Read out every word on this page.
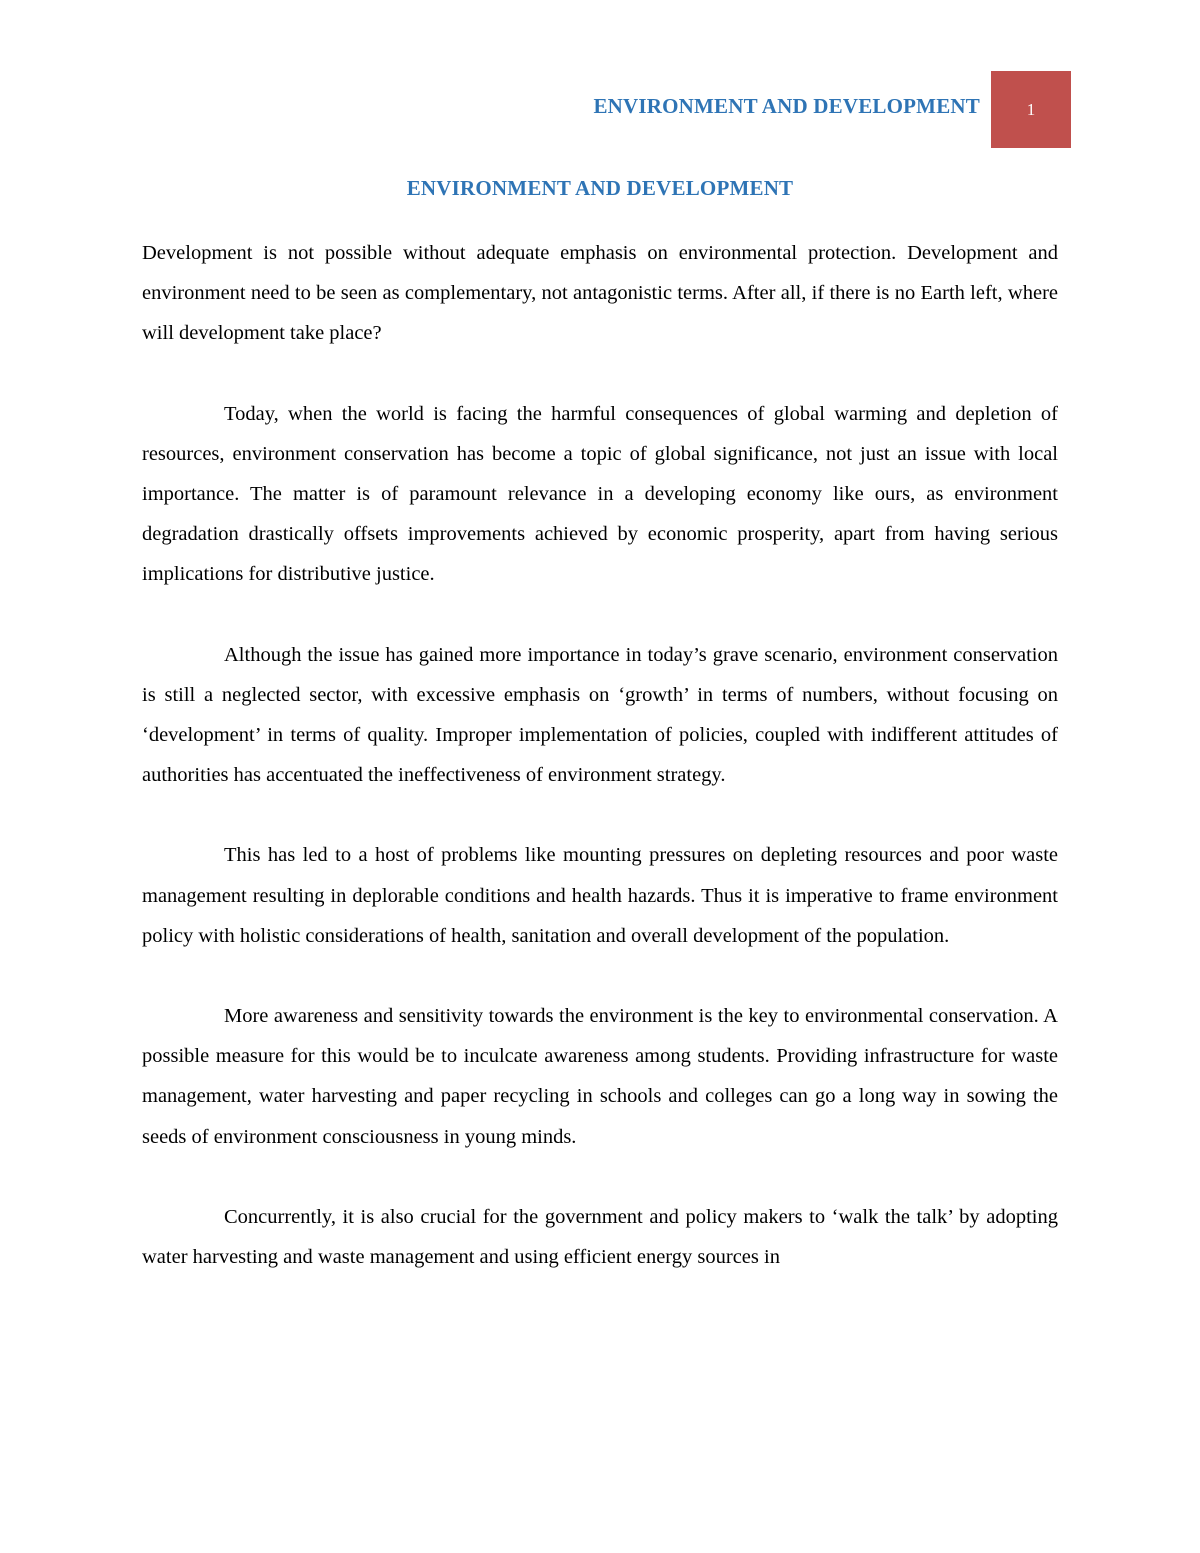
ENVIRONMENT AND DEVELOPMENT	1
ENVIRONMENT AND DEVELOPMENT

Development is not possible without adequate emphasis on environmental protection. Development and environment need to be seen as complementary, not antagonistic terms. After all, if there is no Earth left, where will development take place?

Today, when the world is facing the harmful consequences of global warming and depletion of resources, environment conservation has become a topic of global significance, not just an issue with local importance. The matter is of paramount relevance in a developing economy like ours, as environment degradation drastically offsets improvements achieved by economic prosperity, apart from having serious implications for distributive justice.

Although the issue has gained more importance in today’s grave scenario, environment conservation is still a neglected sector, with excessive emphasis on ‘growth’ in terms of numbers, without focusing on ‘development’ in terms of quality. Improper implementation of policies, coupled with indifferent attitudes of authorities has accentuated the ineffectiveness of environment strategy.

This has led to a host of problems like mounting pressures on depleting resources and poor waste management resulting in deplorable conditions and health hazards. Thus it is imperative to frame environment policy with holistic considerations of health, sanitation and overall development of the population.

More awareness and sensitivity towards the environment is the key to environmental conservation. A possible measure for this would be to inculcate awareness among students. Providing infrastructure for waste management, water harvesting and paper recycling in schools and colleges can go a long way in sowing the seeds of environment consciousness in young minds.

Concurrently, it is also crucial for the government and policy makers to ‘walk the talk’ by adopting water harvesting and waste management and using efficient energy sources in
